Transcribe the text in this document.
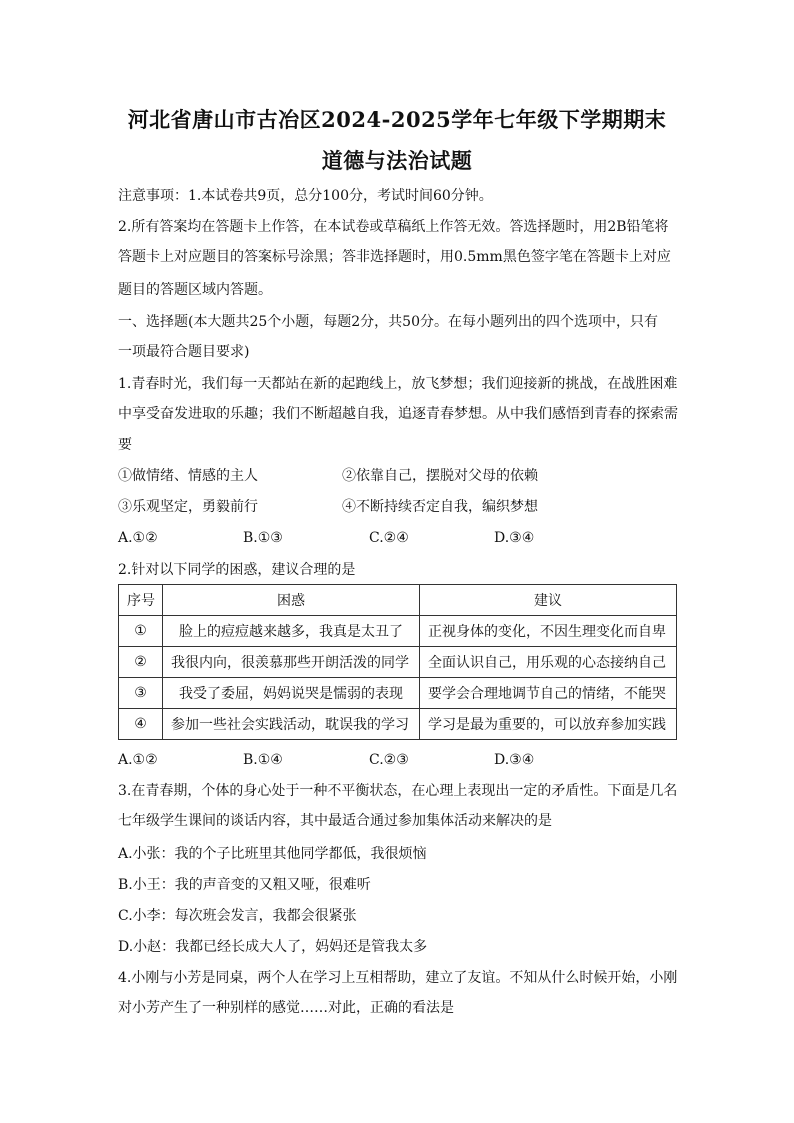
河北省唐山市古冶区2024-2025学年七年级下学期期末
道德与法治试题
注意事项：1.本试卷共9页，总分100分，考试时间60分钟。
2.所有答案均在答题卡上作答，在本试卷或草稿纸上作答无效。答选择题时，用2B铅笔将
答题卡上对应题目的答案标号涂黑；答非选择题时，用0.5mm黑色签字笔在答题卡上对应
题目的答题区域内答题。
一、选择题(本大题共25个小题，每题2分，共50分。在每小题列出的四个选项中，只有
一项最符合题目要求)
1.青春时光，我们每一天都站在新的起跑线上，放飞梦想；我们迎接新的挑战，在战胜困难
中享受奋发进取的乐趣；我们不断超越自我，追逐青春梦想。从中我们感悟到青春的探索需
要
①做情绪、情感的主人	②依靠自己，摆脱对父母的依赖
③乐观坚定，勇毅前行	④不断持续否定自我，编织梦想
A.①②	B.①③	C.②④	D.③④
2.针对以下同学的困惑，建议合理的是
序号	困惑	建议
①	脸上的痘痘越来越多，我真是太丑了	正视身体的变化，不因生理变化而自卑
②	我很内向，很羡慕那些开朗活泼的同学	全面认识自己，用乐观的心态接纳自己
③	我受了委屈，妈妈说哭是懦弱的表现	要学会合理地调节自己的情绪，不能哭
④	参加一些社会实践活动，耽误我的学习	学习是最为重要的，可以放弃参加实践
A.①②	B.①④	C.②③	D.③④
3.在青春期，个体的身心处于一种不平衡状态，在心理上表现出一定的矛盾性。下面是几名
七年级学生课间的谈话内容，其中最适合通过参加集体活动来解决的是
A.小张：我的个子比班里其他同学都低，我很烦恼
B.小王：我的声音变的又粗又哑，很难听
C.小李：每次班会发言，我都会很紧张
D.小赵：我都已经长成大人了，妈妈还是管我太多
4.小刚与小芳是同桌，两个人在学习上互相帮助，建立了友谊。不知从什么时候开始，小刚
对小芳产生了一种别样的感觉……对此，正确的看法是
